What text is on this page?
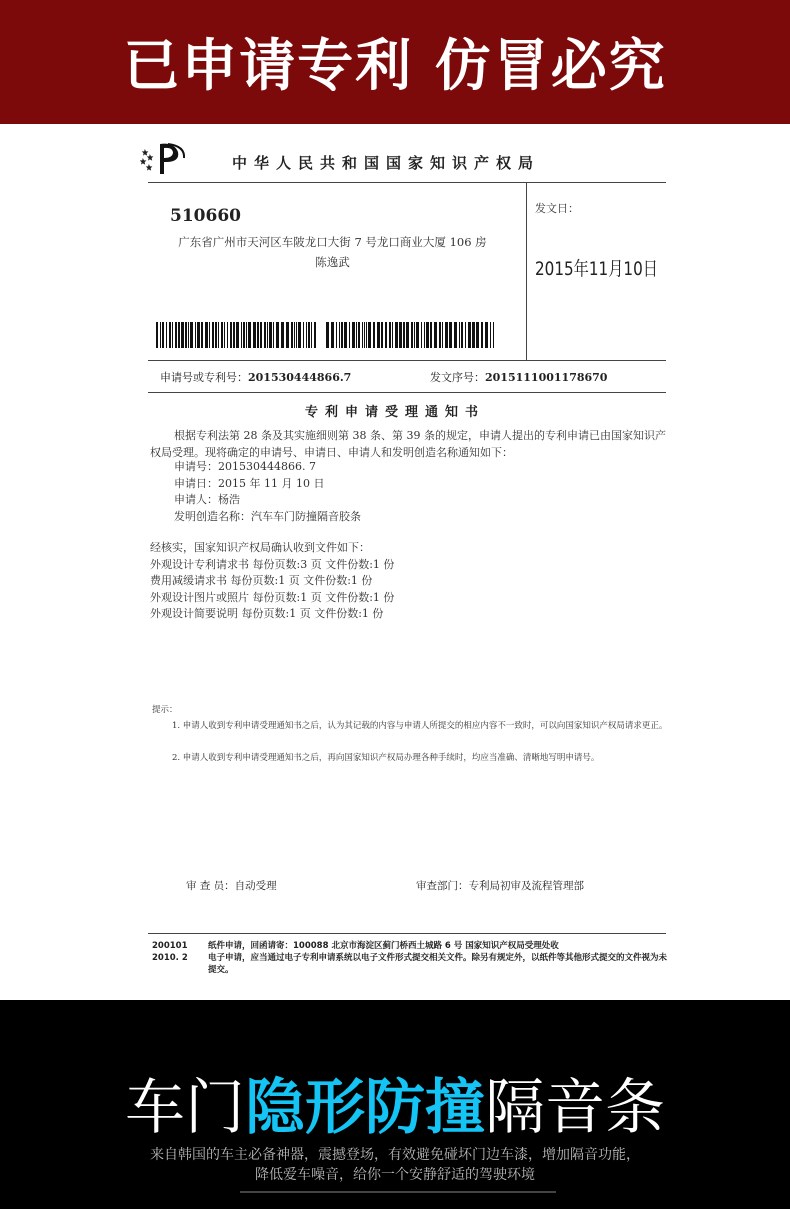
已申请专利 仿冒必究
中华人民共和国国家知识产权局
510660
广东省广州市天河区车陂龙口大街 7 号龙口商业大厦 106 房
陈逸武
发文日：
2015年11月10日
申请号或专利号：201530444866.7	发文序号：2015111001178670
专利申请受理通知书
根据专利法第 28 条及其实施细则第 38 条、第 39 条的规定，申请人提出的专利申请已由国家知识产权局受理。现将确定的申请号、申请日、申请人和发明创造名称通知如下：
申请号：201530444866. 7
申请日：2015 年 11 月 10 日
申请人：杨浩
发明创造名称：汽车车门防撞隔音胶条
经核实，国家知识产权局确认收到文件如下：
外观设计专利请求书 每份页数:3 页 文件份数:1 份
费用减缓请求书 每份页数:1 页 文件份数:1 份
外观设计图片或照片 每份页数:1 页 文件份数:1 份
外观设计简要说明 每份页数:1 页 文件份数:1 份
提示：
1. 申请人收到专利申请受理通知书之后，认为其记载的内容与申请人所提交的相应内容不一致时，可以向国家知识产权局请求更正。
2. 申请人收到专利申请受理通知书之后，再向国家知识产权局办理各种手续时，均应当准确、清晰地写明申请号。
审 查 员：自动受理	审查部门：专利局初审及流程管理部
200101
2010. 2
纸件申请，回函请寄：100088 北京市海淀区蓟门桥西土城路 6 号 国家知识产权局受理处收
电子申请，应当通过电子专利申请系统以电子文件形式提交相关文件。除另有规定外，以纸件等其他形式提交的文件视为未提交。
车门隐形防撞隔音条
来自韩国的车主必备神器，震撼登场，有效避免碰坏门边车漆，增加隔音功能，
降低爱车噪音，给你一个安静舒适的驾驶环境
